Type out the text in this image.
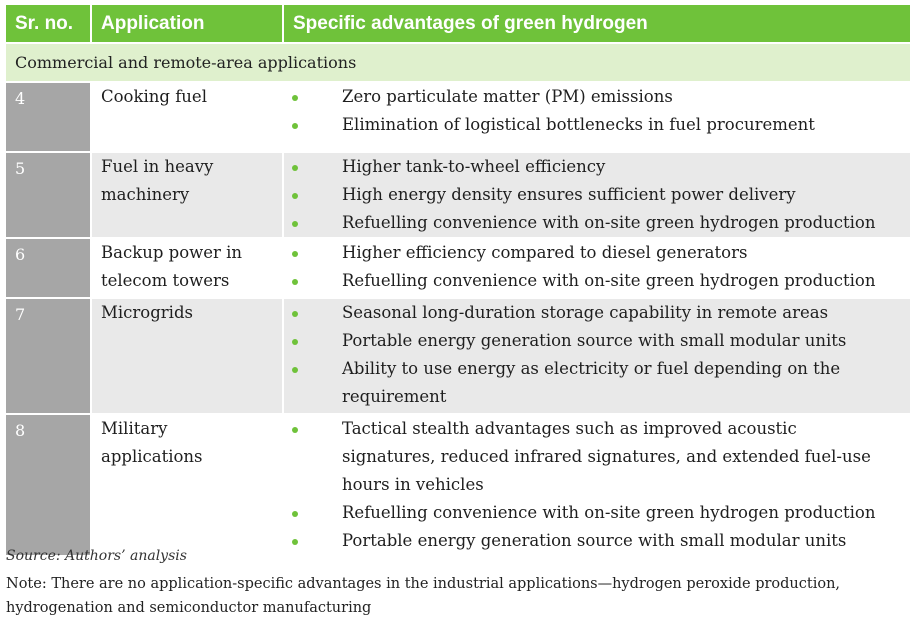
Sr. no.	Application	Specific advantages of green hydrogen
Commercial and remote-area applications
4	Cooking fuel	Zero particulate matter (PM) emissions
Elimination of logistical bottlenecks in fuel procurement
5	Fuel in heavy machinery
Higher tank-to-wheel efficiency
High energy density ensures sufficient power delivery
Refuelling convenience with on-site green hydrogen production
6	Backup power in telecom towers
Higher efficiency compared to diesel generators
Refuelling convenience with on-site green hydrogen production
7	Microgrids	Seasonal long-duration storage capability in remote areas
Portable energy generation source with small modular units
Ability to use energy as electricity or fuel depending on the requirement
8	Military applications
Tactical stealth advantages such as improved acoustic signatures, reduced infrared signatures, and extended fuel-use hours in vehicles
Refuelling convenience with on-site green hydrogen production
Portable energy generation source with small modular units
Source: Authors’ analysis
Note: There are no application-specific advantages in the industrial applications—hydrogen peroxide production, hydrogenation and semiconductor manufacturing
